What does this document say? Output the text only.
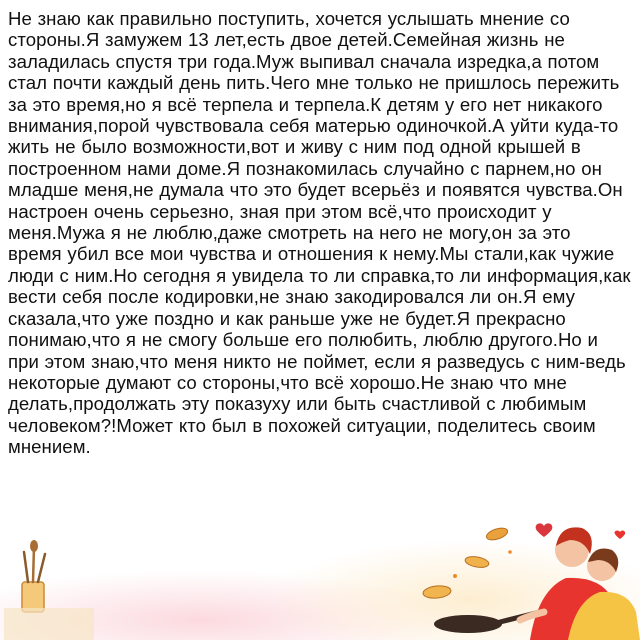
Не знаю как правильно поступить, хочется услышать мнение со
стороны.Я замужем 13 лет,есть двое детей.Семейная жизнь не
заладилась спустя три года.Муж выпивал сначала изредка,а потом
стал почти каждый день пить.Чего мне только не пришлось пережить
за это время,но я всё терпела и терпела.К детям у его нет никакого
внимания,порой чувствовала себя матерью одиночкой.А уйти куда-то
жить не было возможности,вот и живу с ним под одной крышей в
построенном нами доме.Я познакомилась случайно с парнем,но он
младше меня,не думала что это будет всерьёз и появятся чувства.Он
настроен очень серьезно, зная при этом всё,что происходит у
меня.Мужа я не люблю,даже смотреть на него не могу,он за это
время убил все мои чувства и отношения к нему.Мы стали,как чужие
люди с ним.Но сегодня я увидела то ли справка,то ли информация,как
вести себя после кодировки,не знаю закодировался ли он.Я ему
сказала,что уже поздно и как раньше уже не будет.Я прекрасно
понимаю,что я не смогу больше его полюбить, люблю другого.Но и
при этом знаю,что меня никто не поймет, если я разведусь с ним-ведь
некоторые думают со стороны,что всё хорошо.Не знаю что мне
делать,продолжать эту показуху или быть счастливой с любимым
человеком?!Может кто был в похожей ситуации, поделитесь своим
мнением.
